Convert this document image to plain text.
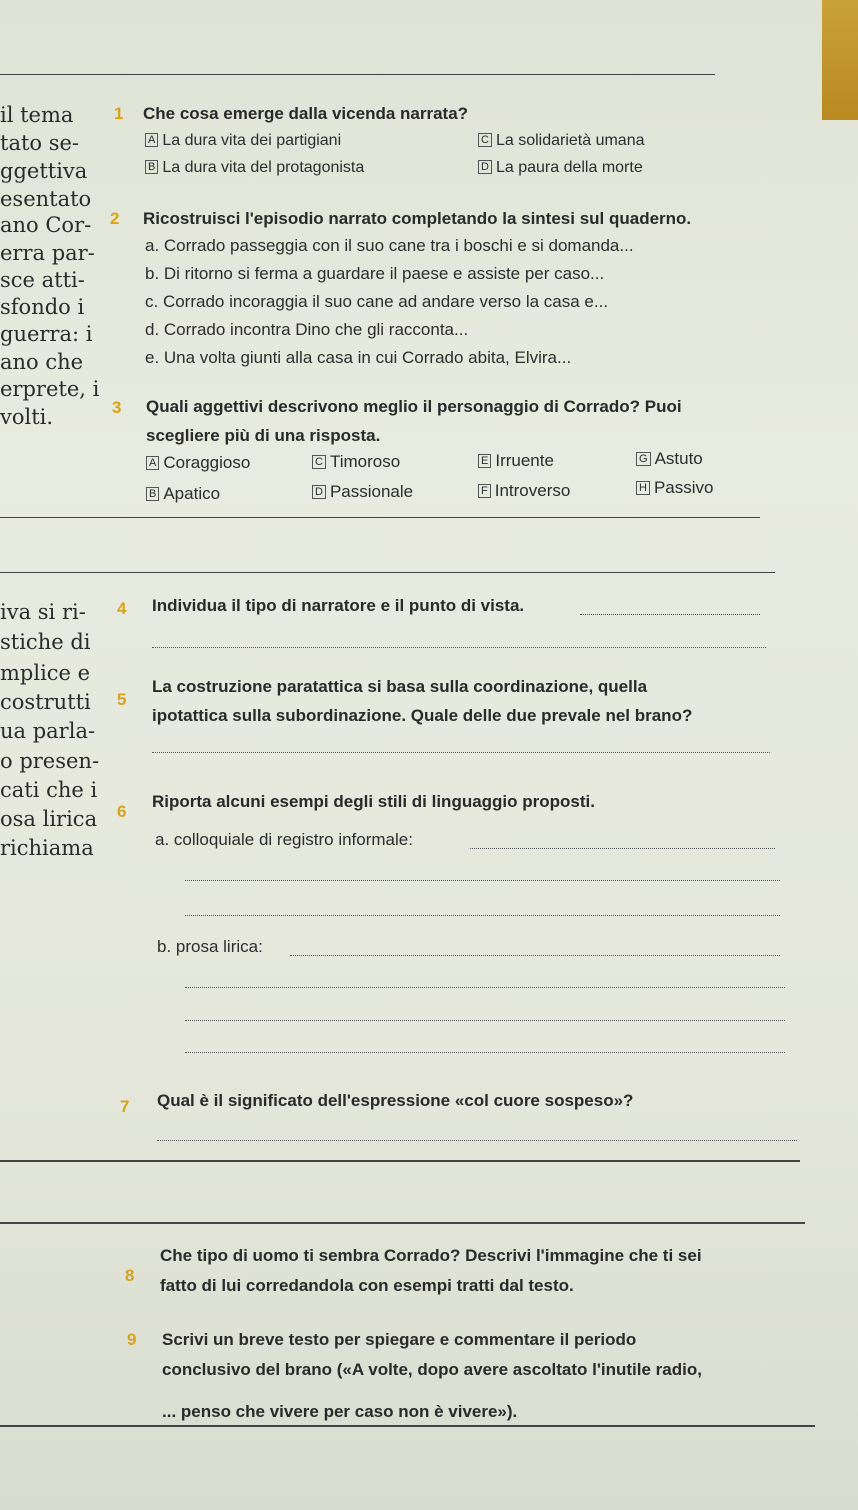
il tema
tato se-
ggettiva
esentato
ano Cor-
erra par-
sce atti-
sfondo i
guerra: i
ano che
erprete, i
volti.
iva si ri-
stiche di
mplice e
costrutti
ua parla-
o presen-
cati che i
osa lirica
richiama
1 Che cosa emerge dalla vicenda narrata?
A La dura vita dei partigiani	C La solidarietà umana
B La dura vita del protagonista	D La paura della morte
2 Ricostruisci l'episodio narrato completando la sintesi sul quaderno.
a. Corrado passeggia con il suo cane tra i boschi e si domanda...
b. Di ritorno si ferma a guardare il paese e assiste per caso...
c. Corrado incoraggia il suo cane ad andare verso la casa e...
d. Corrado incontra Dino che gli racconta...
e. Una volta giunti alla casa in cui Corrado abita, Elvira...
3 Quali aggettivi descrivono meglio il personaggio di Corrado? Puoi
scegliere più di una risposta.
A Coraggioso	C Timoroso	E Irruente	G Astuto
B Apatico	D Passionale	F Introverso	H Passivo
4 Individua il tipo di narratore e il punto di vista.
5
La costruzione paratattica si basa sulla coordinazione, quella
ipotattica sulla subordinazione. Quale delle due prevale nel brano?
6
Riporta alcuni esempi degli stili di linguaggio proposti.
a. colloquiale di registro informale:
b. prosa lirica:
7 Qual è il significato dell'espressione «col cuore sospeso»?
8
Che tipo di uomo ti sembra Corrado? Descrivi l'immagine che ti sei
fatto di lui corredandola con esempi tratti dal testo.
9 Scrivi un breve testo per spiegare e commentare il periodo
conclusivo del brano («A volte, dopo avere ascoltato l'inutile radio,
... penso che vivere per caso non è vivere»).
